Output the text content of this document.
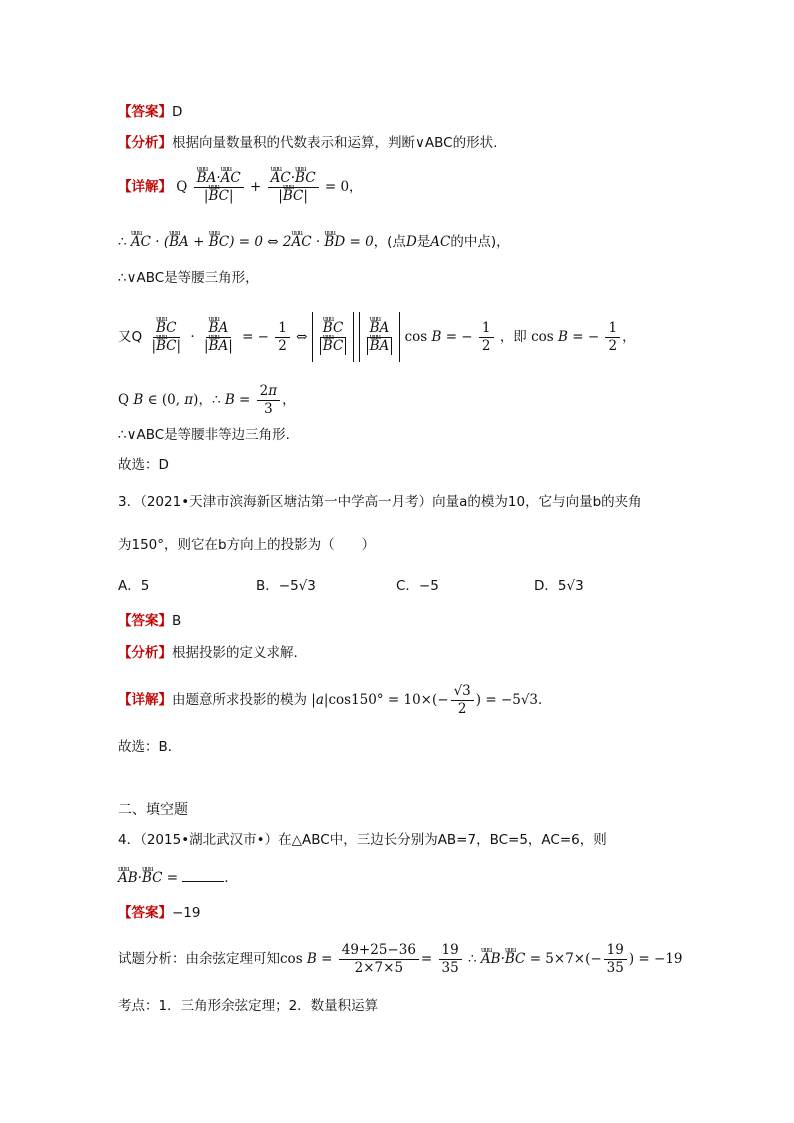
【答案】D
【分析】根据向量数量积的代数表示和运算，判断∨ABC的形状.
【详解】 Q uuu $\frac{\text{BA·uuu AC}}{\text{|uuu BC|}}$ + uuu $\frac{\text{AC·uuu BC}}{\text{|uuu BC|}} = 0$，
∴ uuu AC · (uuu BA + uuu BC) = 0 ⇔ 2uuu AC · uuu BD = 0，(点D是AC的中点)，
∴∨ABC是等腰三角形，
又Q uuu $\frac{BC}{\text{|uuu BC|}}$ · uuu $\frac{BA}{\text{|uuu BA|}}$ = − $\frac{1}{2}$ ⇔ uuu BC
uuu BC
uuu BA
uuu BA cos B = − $\frac{1}{2}$ ，即 cos B = − $\frac{1}{2}$ ，
Q B ∈ (0, π)，∴ $B = \frac{2\pi}{3}$ ，
∴∨ABC是等腰非等边三角形.
故选：D
3．（2021•天津市滨海新区塘沽第一中学高一月考）向量a的模为10，它与向量b的夹角
为150°，则它在b方向上的投影为（　　）
A．5	B．−5√3	C．−5	D．5√3
【答案】B
【分析】根据投影的定义求解．
【详解】由题意所求投影的模为 $|a|\cos 150^\circ = 10\times(- \frac{√3}{2}$ ) = −5√3．
故选：B．
二、填空题
4．（2015•湖北武汉市•）在△ABC中，三边长分别为AB=7，BC=5，AC=6，则
uuu AB·uuu BC =	．
【答案】−19
试题分析：由余弦定理可知$\cos B = \frac{49+25-36}{2\times 7\times 5} = \frac{19}{35}$ ∴ uuu AB·uuu BC = $5\times 7\times(- \frac{19}{35}$ ) = −19
考点：1．三角形余弦定理；2．数量积运算
